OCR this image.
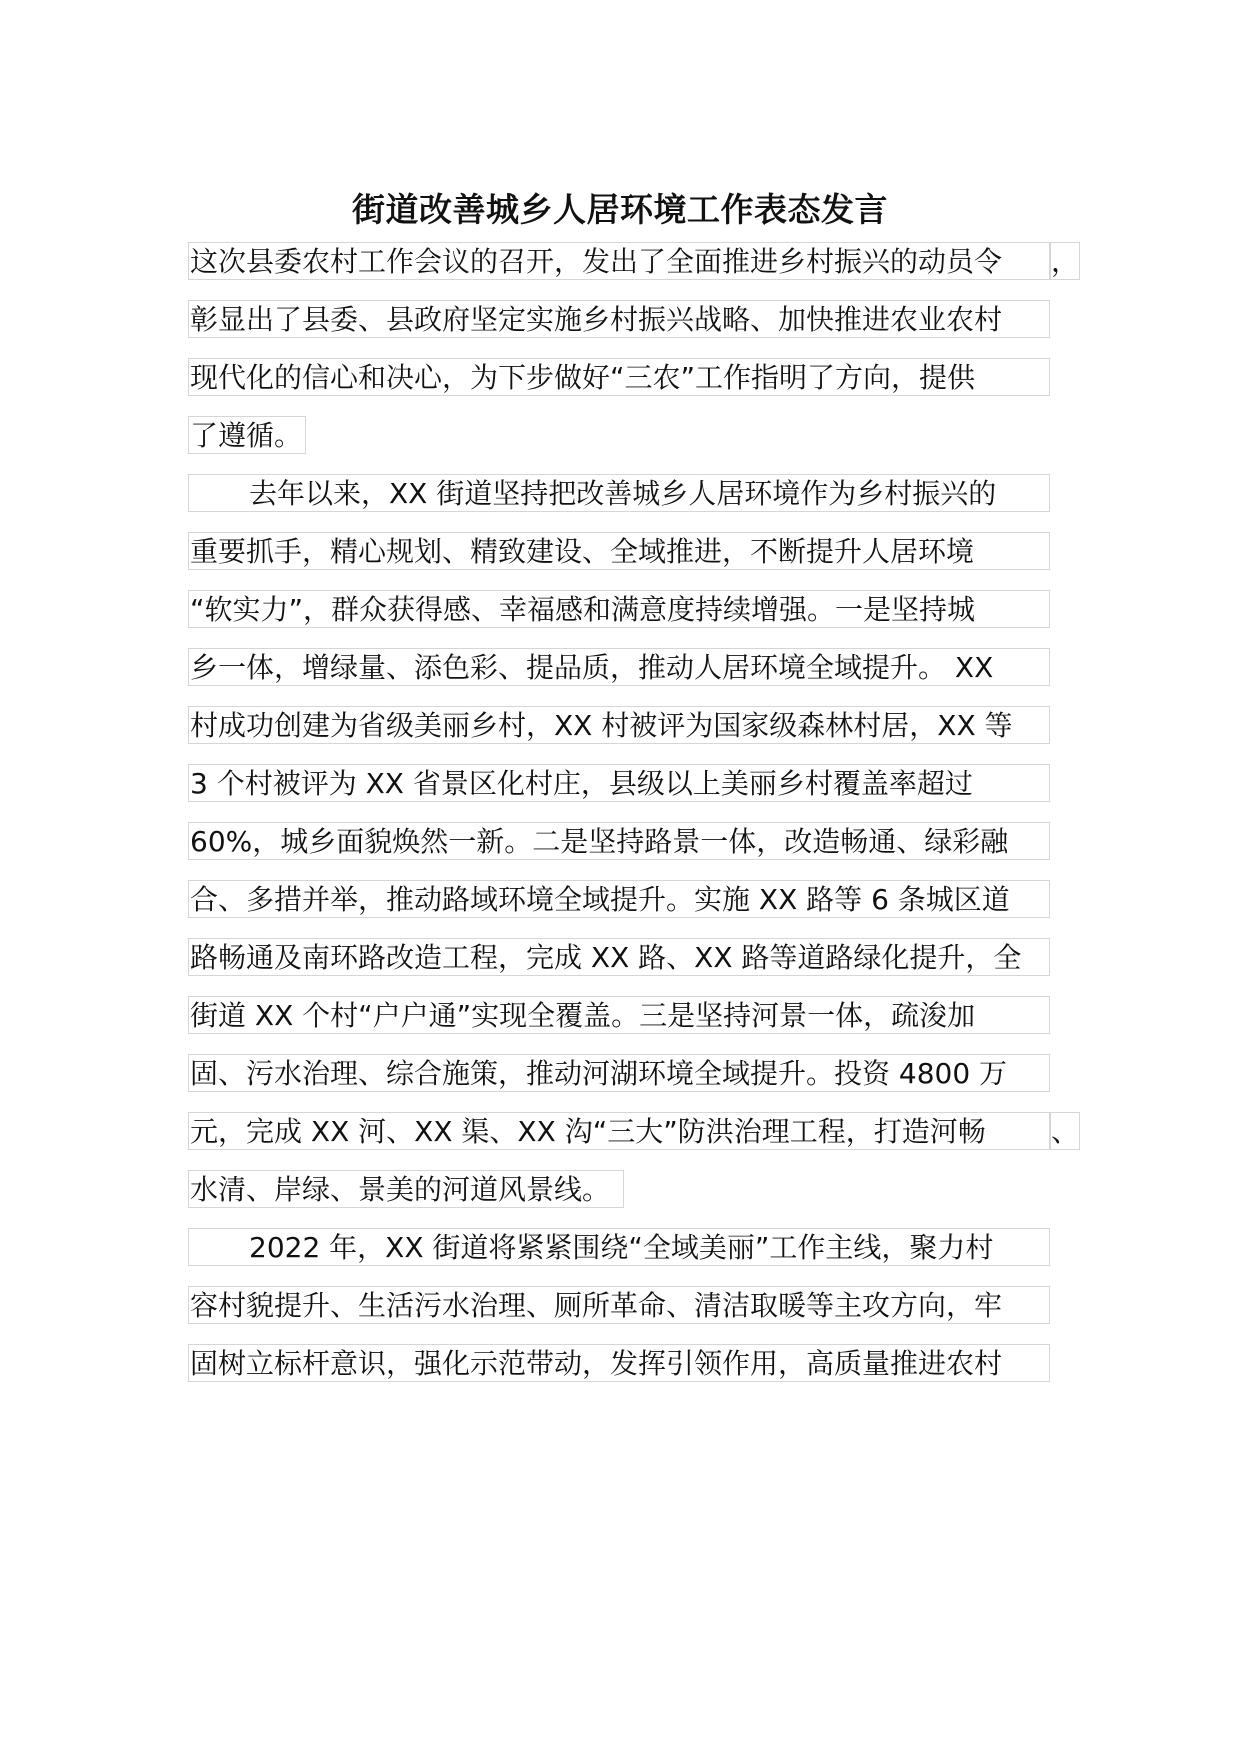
街道改善城乡人居环境工作表态发言
这次县委农村工作会议的召开，发出了全面推进乡村振兴的动员令	，
彰显出了县委、县政府坚定实施乡村振兴战略、加快推进农业农村
现代化的信心和决心，为下步做好“三农”工作指明了方向，提供
了遵循。
去年以来，XX 街道坚持把改善城乡人居环境作为乡村振兴的
重要抓手，精心规划、精致建设、全域推进，不断提升人居环境
“软实力”，群众获得感、幸福感和满意度持续增强。一是坚持城
乡一体，增绿量、添色彩、提品质，推动人居环境全域提升。 XX
村成功创建为省级美丽乡村，XX 村被评为国家级森林村居，XX 等
3 个村被评为 XX 省景区化村庄，县级以上美丽乡村覆盖率超过
60%，城乡面貌焕然一新。二是坚持路景一体，改造畅通、绿彩融
合、多措并举，推动路域环境全域提升。实施 XX 路等 6 条城区道
路畅通及南环路改造工程，完成 XX 路、XX 路等道路绿化提升，全
街道 XX 个村“户户通”实现全覆盖。三是坚持河景一体，疏浚加
固、污水治理、综合施策，推动河湖环境全域提升。投资 4800 万
元，完成 XX 河、XX 渠、XX 沟“三大”防洪治理工程，打造河畅	、
水清、岸绿、景美的河道风景线。
2022 年，XX 街道将紧紧围绕“全域美丽”工作主线，聚力村
容村貌提升、生活污水治理、厕所革命、清洁取暖等主攻方向，牢
固树立标杆意识，强化示范带动，发挥引领作用，高质量推进农村
